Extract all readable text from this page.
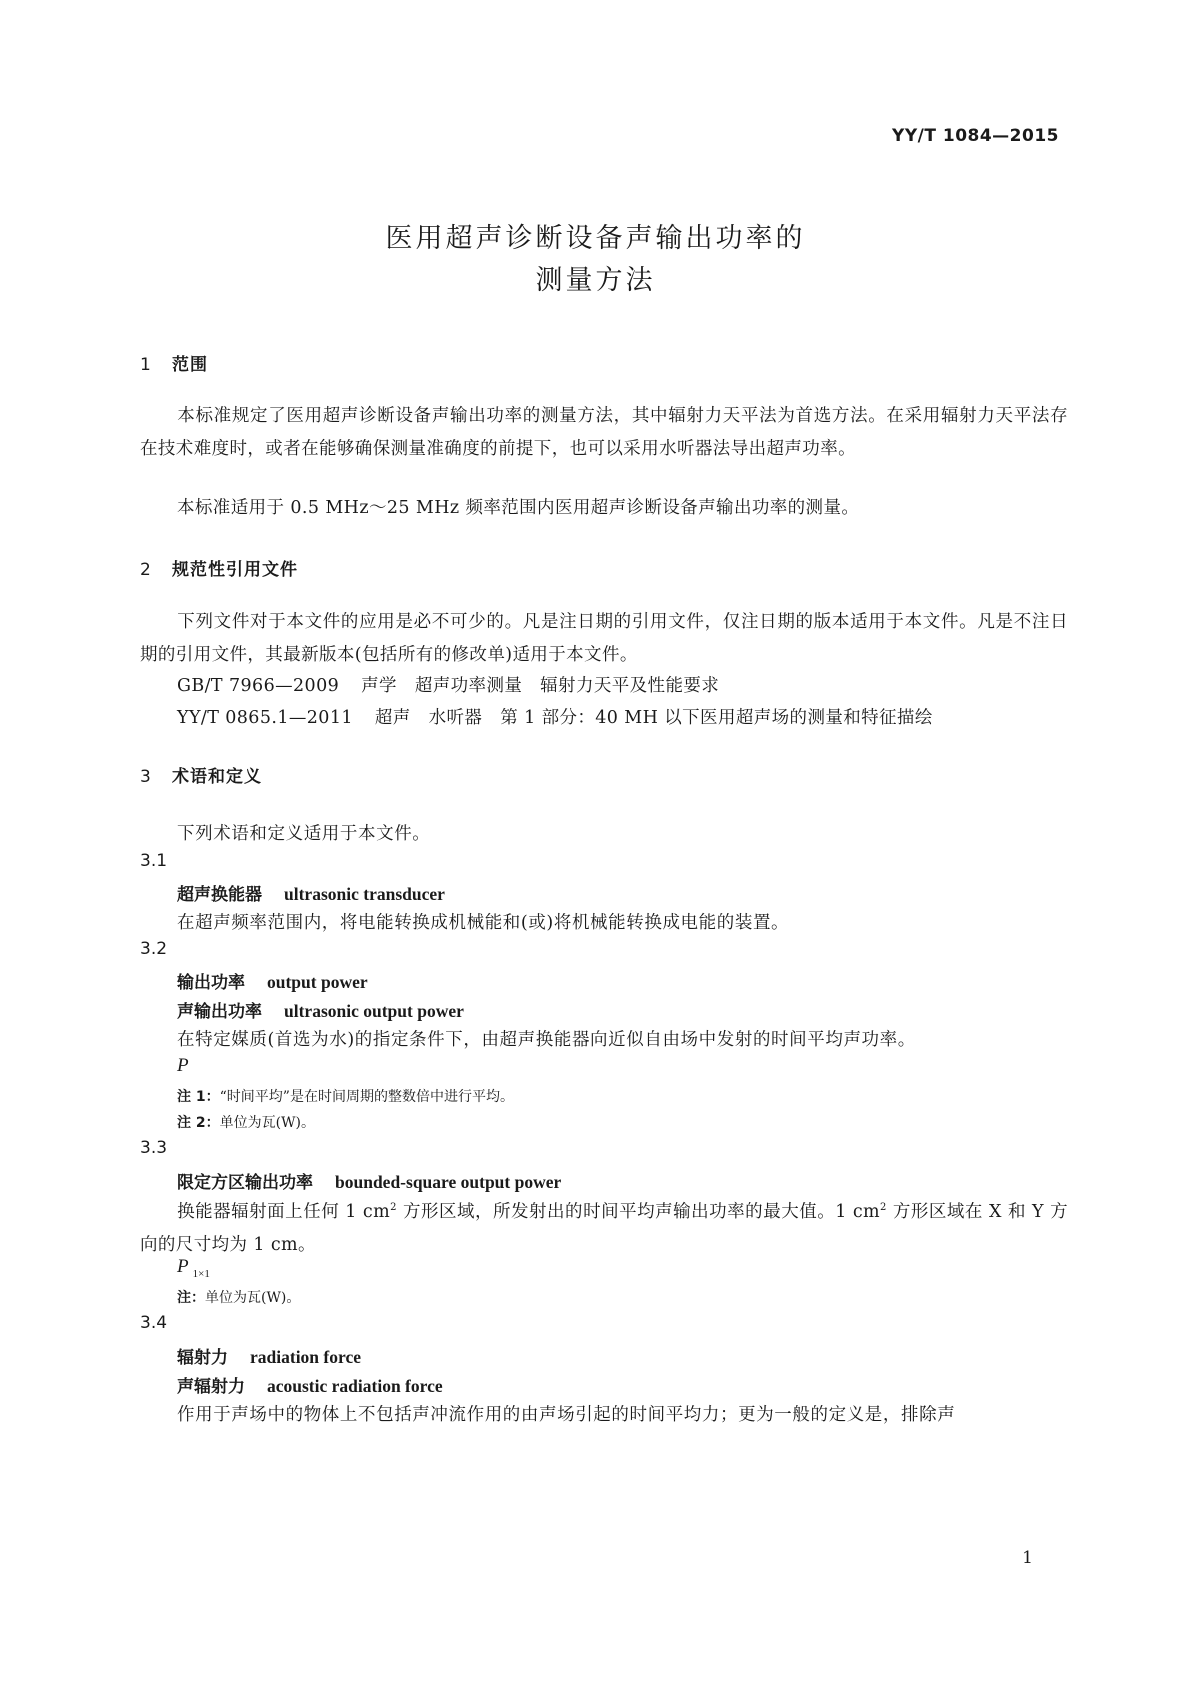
YY/T 1084—2015
医用超声诊断设备声输出功率的
测量方法
1 范围
本标准规定了医用超声诊断设备声输出功率的测量方法，其中辐射力天平法为首选方法。在采用辐射力天平法存在技术难度时，或者在能够确保测量准确度的前提下，也可以采用水听器法导出超声功率。
本标准适用于 0.5 MHz～25 MHz 频率范围内医用超声诊断设备声输出功率的测量。
2 规范性引用文件
下列文件对于本文件的应用是必不可少的。凡是注日期的引用文件，仅注日期的版本适用于本文件。凡是不注日期的引用文件，其最新版本(包括所有的修改单)适用于本文件。
GB/T 7966—2009 声学　超声功率测量　辐射力天平及性能要求
YY/T 0865.1—2011 超声　水听器　第 1 部分：40 MH 以下医用超声场的测量和特征描绘
3 术语和定义
下列术语和定义适用于本文件。
3.1
超声换能器 ultrasonic transducer
在超声频率范围内，将电能转换成机械能和(或)将机械能转换成电能的装置。
3.2
输出功率 output power
声输出功率 ultrasonic output power
在特定媒质(首选为水)的指定条件下，由超声换能器向近似自由场中发射的时间平均声功率。
P
注 1：“时间平均”是在时间周期的整数倍中进行平均。
注 2：单位为瓦(W)。
3.3
限定方区输出功率 bounded-square output power
换能器辐射面上任何 1 $cm^2$ 方形区域，所发射出的时间平均声输出功率的最大值。1 $cm^2$ 方形区域在 X 和 Y 方向的尺寸均为 1 cm。
P $_{1\times 1}$
注：单位为瓦(W)。
3.4
辐射力 radiation force
声辐射力 acoustic radiation force
作用于声场中的物体上不包括声冲流作用的由声场引起的时间平均力；更为一般的定义是，排除声
1
